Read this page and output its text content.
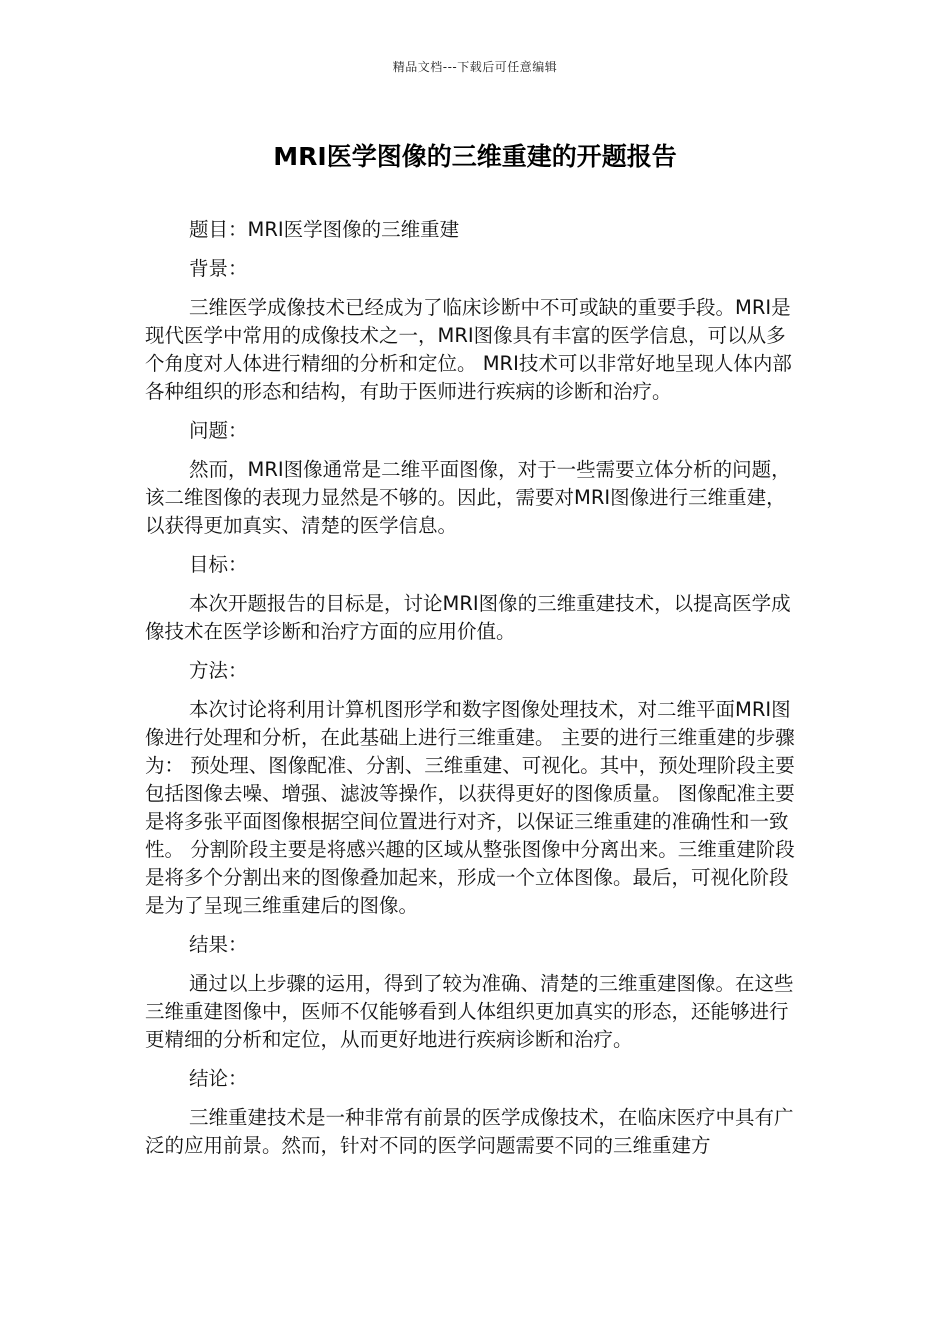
精品文档---下载后可任意编辑
MRI医学图像的三维重建的开题报告

题目：MRI医学图像的三维重建

背景：

三维医学成像技术已经成为了临床诊断中不可或缺的重要手段。MRI是现代医学中常用的成像技术之一，MRI图像具有丰富的医学信息，可以从多个角度对人体进行精细的分析和定位。 MRI技术可以非常好地呈现人体内部各种组织的形态和结构，有助于医师进行疾病的诊断和治疗。

问题：

然而，MRI图像通常是二维平面图像，对于一些需要立体分析的问题，该二维图像的表现力显然是不够的。因此，需要对MRI图像进行三维重建，以获得更加真实、清楚的医学信息。

目标：

本次开题报告的目标是，讨论MRI图像的三维重建技术，以提高医学成像技术在医学诊断和治疗方面的应用价值。

方法：

本次讨论将利用计算机图形学和数字图像处理技术，对二维平面MRI图像进行处理和分析，在此基础上进行三维重建。 主要的进行三维重建的步骤为： 预处理、图像配准、分割、三维重建、可视化。其中，预处理阶段主要包括图像去噪、增强、滤波等操作，以获得更好的图像质量。 图像配准主要是将多张平面图像根据空间位置进行对齐，以保证三维重建的准确性和一致性。 分割阶段主要是将感兴趣的区域从整张图像中分离出来。三维重建阶段是将多个分割出来的图像叠加起来，形成一个立体图像。最后，可视化阶段是为了呈现三维重建后的图像。

结果：

通过以上步骤的运用，得到了较为准确、清楚的三维重建图像。在这些三维重建图像中，医师不仅能够看到人体组织更加真实的形态，还能够进行更精细的分析和定位，从而更好地进行疾病诊断和治疗。

结论：

三维重建技术是一种非常有前景的医学成像技术，在临床医疗中具有广泛的应用前景。然而，针对不同的医学问题需要不同的三维重建方
